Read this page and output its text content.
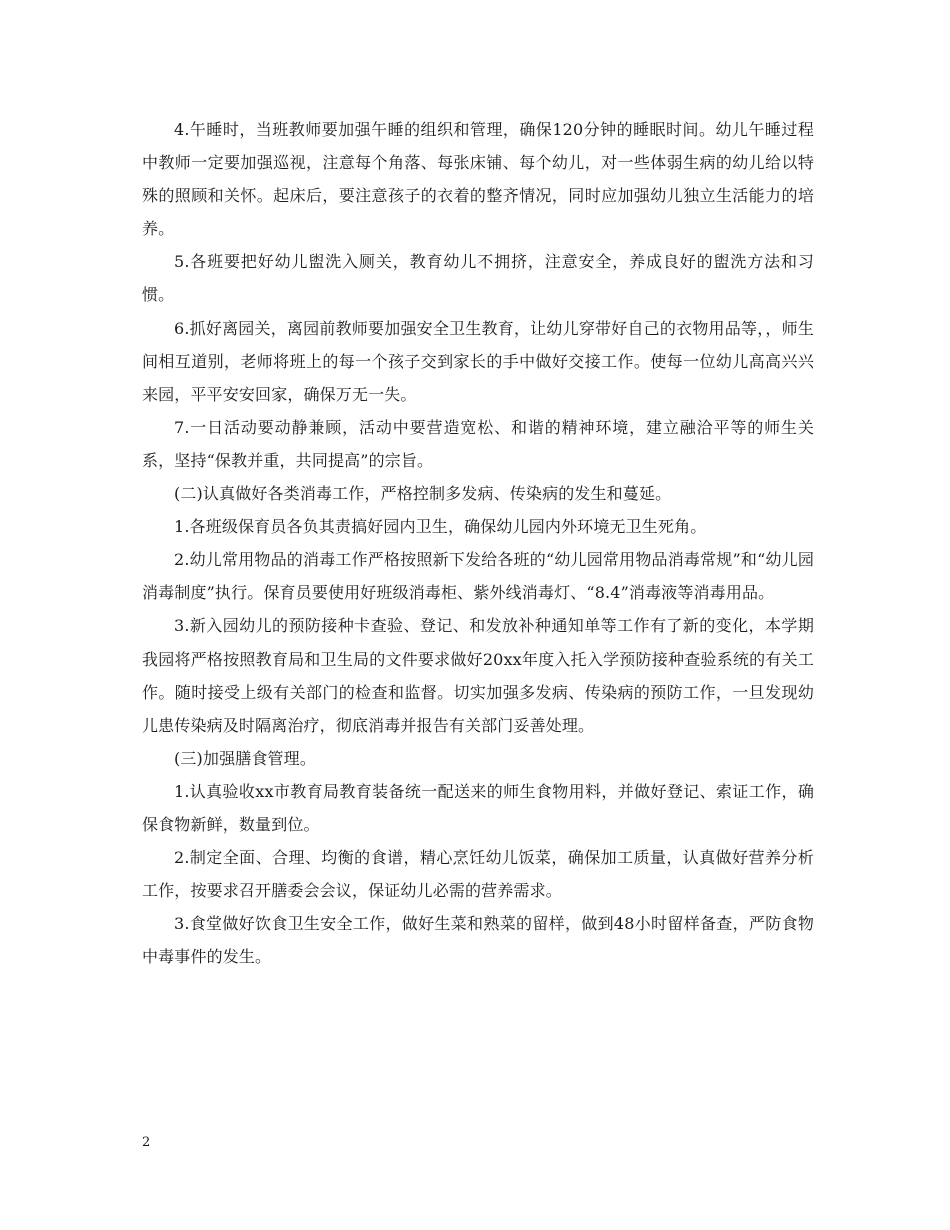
4.午睡时，当班教师要加强午睡的组织和管理，确保120分钟的睡眠时间。幼儿午睡过程中教师一定要加强巡视，注意每个角落、每张床铺、每个幼儿，对一些体弱生病的幼儿给以特殊的照顾和关怀。起床后，要注意孩子的衣着的整齐情况，同时应加强幼儿独立生活能力的培养。

5.各班要把好幼儿盥洗入厕关，教育幼儿不拥挤，注意安全，养成良好的盥洗方法和习惯。

6.抓好离园关，离园前教师要加强安全卫生教育，让幼儿穿带好自己的衣物用品等，，师生间相互道别，老师将班上的每一个孩子交到家长的手中做好交接工作。使每一位幼儿高高兴兴来园，平平安安回家，确保万无一失。

7.一日活动要动静兼顾，活动中要营造宽松、和谐的精神环境，建立融洽平等的师生关系，坚持“保教并重，共同提高”的宗旨。

(二)认真做好各类消毒工作，严格控制多发病、传染病的发生和蔓延。

1.各班级保育员各负其责搞好园内卫生，确保幼儿园内外环境无卫生死角。

2.幼儿常用物品的消毒工作严格按照新下发给各班的“幼儿园常用物品消毒常规”和“幼儿园消毒制度”执行。保育员要使用好班级消毒柜、紫外线消毒灯、“8.4”消毒液等消毒用品。

3.新入园幼儿的预防接种卡查验、登记、和发放补种通知单等工作有了新的变化，本学期我园将严格按照教育局和卫生局的文件要求做好20xx年度入托入学预防接种查验系统的有关工作。随时接受上级有关部门的检查和监督。切实加强多发病、传染病的预防工作，一旦发现幼儿患传染病及时隔离治疗，彻底消毒并报告有关部门妥善处理。

(三)加强膳食管理。

1.认真验收xx市教育局教育装备统一配送来的师生食物用料，并做好登记、索证工作，确保食物新鲜，数量到位。

2.制定全面、合理、均衡的食谱，精心烹饪幼儿饭菜，确保加工质量，认真做好营养分析工作，按要求召开膳委会会议，保证幼儿必需的营养需求。

3.食堂做好饮食卫生安全工作，做好生菜和熟菜的留样，做到48小时留样备查，严防食物中毒事件的发生。

2
